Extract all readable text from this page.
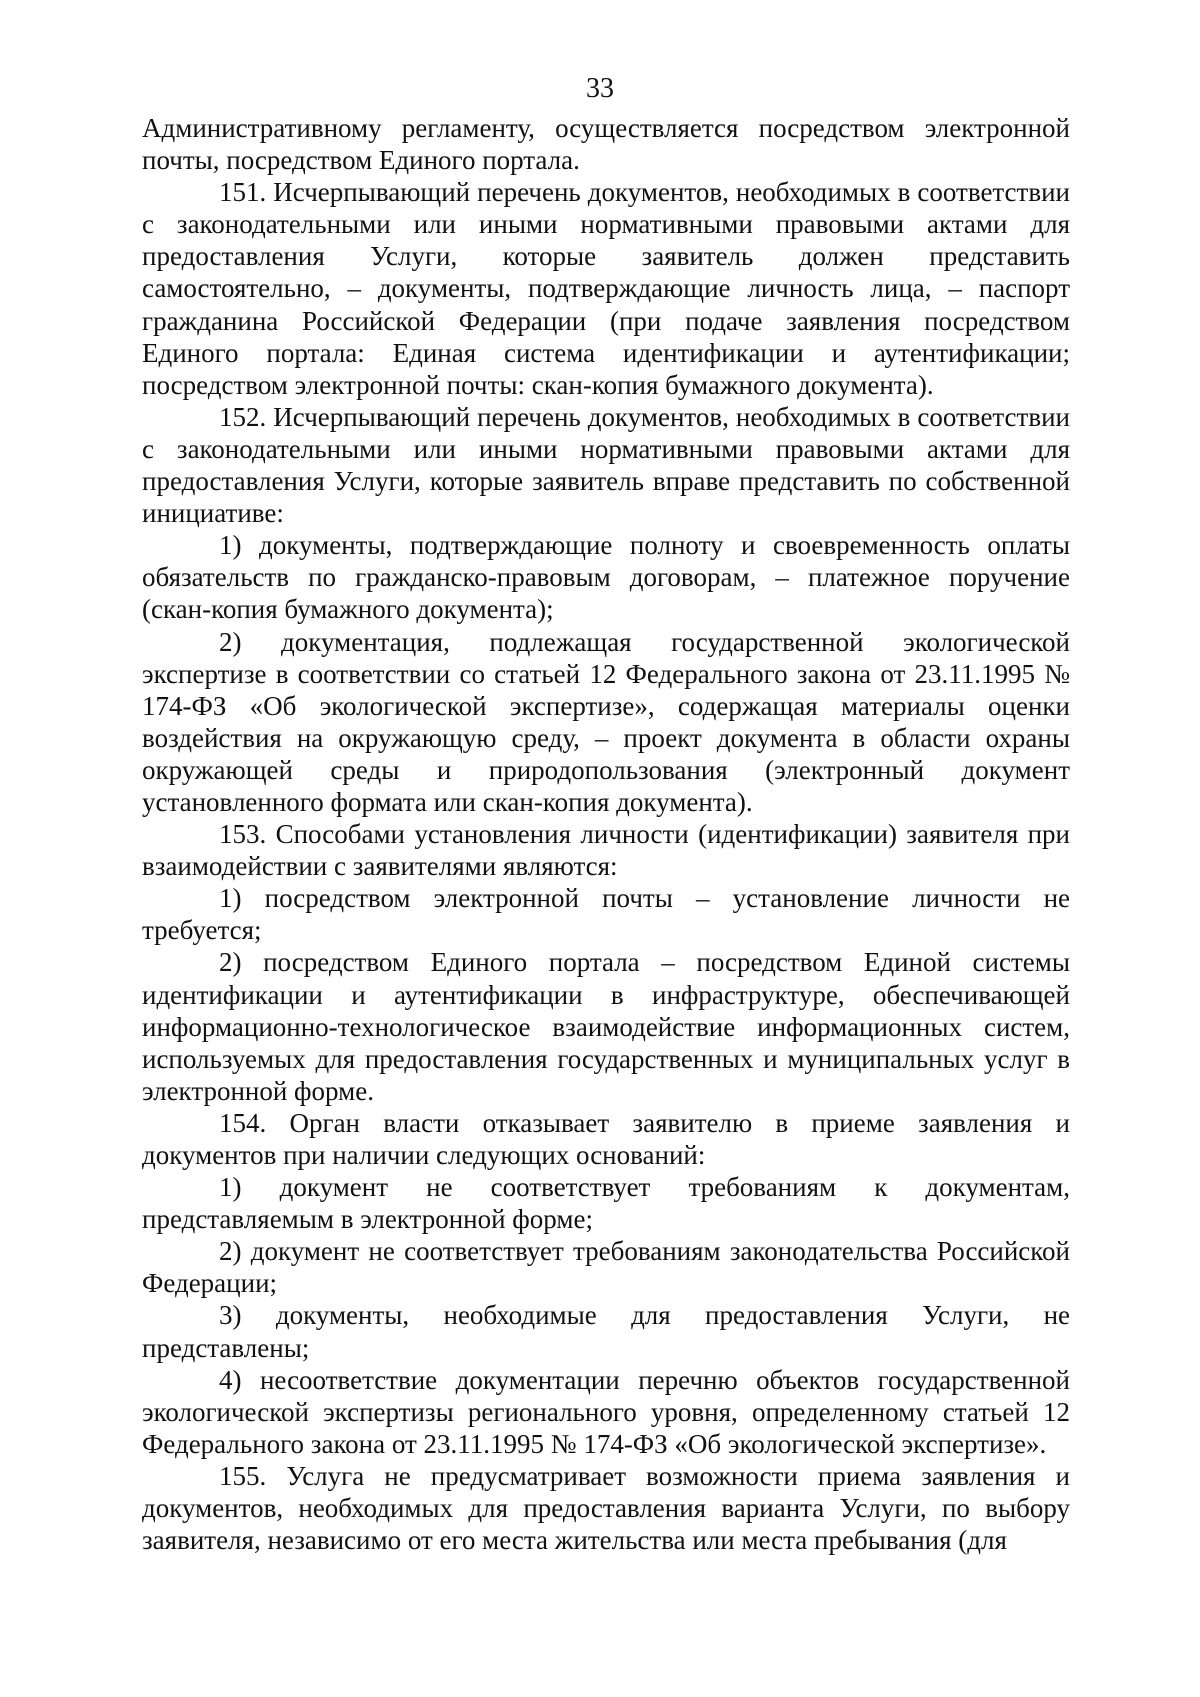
33

Административному регламенту, осуществляется посредством электронной почты, посредством Единого портала.

151. Исчерпывающий перечень документов, необходимых в соответствии с законодательными или иными нормативными правовыми актами для предоставления Услуги, которые заявитель должен представить самостоятельно, – документы, подтверждающие личность лица, – паспорт гражданина Российской Федерации (при подаче заявления посредством Единого портала: Единая система идентификации и аутентификации; посредством электронной почты: скан-копия бумажного документа).

152. Исчерпывающий перечень документов, необходимых в соответствии с законодательными или иными нормативными правовыми актами для предоставления Услуги, которые заявитель вправе представить по собственной инициативе:

1) документы, подтверждающие полноту и своевременность оплаты обязательств по гражданско-правовым договорам, – платежное поручение (скан-копия бумажного документа);

2) документация, подлежащая государственной экологической экспертизе в соответствии со статьей 12 Федерального закона от 23.11.1995 № 174-ФЗ «Об экологической экспертизе», содержащая материалы оценки воздействия на окружающую среду, – проект документа в области охраны окружающей среды и природопользования (электронный документ установленного формата или скан-копия документа).

153. Способами установления личности (идентификации) заявителя при взаимодействии с заявителями являются:

1) посредством электронной почты – установление личности не требуется;

2) посредством Единого портала – посредством Единой системы идентификации и аутентификации в инфраструктуре, обеспечивающей информационно-технологическое взаимодействие информационных систем, используемых для предоставления государственных и муниципальных услуг в электронной форме.

154. Орган власти отказывает заявителю в приеме заявления и документов при наличии следующих оснований:

1) документ не соответствует требованиям к документам, представляемым в электронной форме;

2) документ не соответствует требованиям законодательства Российской Федерации;

3) документы, необходимые для предоставления Услуги, не представлены;

4) несоответствие документации перечню объектов государственной экологической экспертизы регионального уровня, определенному статьей 12 Федерального закона от 23.11.1995 № 174-ФЗ «Об экологической экспертизе».

155. Услуга не предусматривает возможности приема заявления и документов, необходимых для предоставления варианта Услуги, по выбору заявителя, независимо от его места жительства или места пребывания (для
